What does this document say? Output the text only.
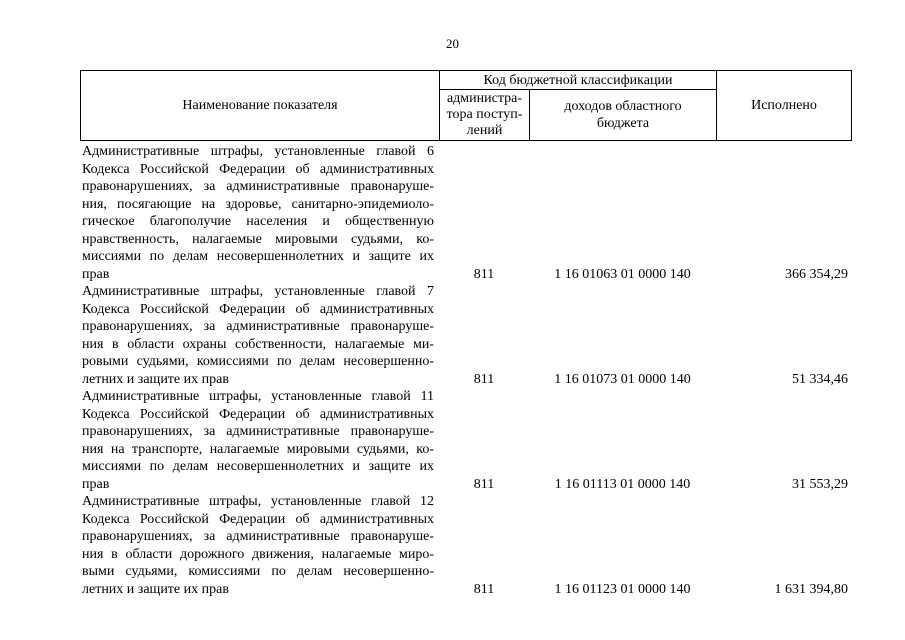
20
Наименование показателя
Код бюджетной классификации
администра-
тора поступ-
лений
доходов областного
бюджета
Исполнено
Административные штрафы, установленные главой 6
Кодекса Российской Федерации об административных
правонарушениях, за административные правонаруше-
ния, посягающие на здоровье, санитарно-эпидемиоло-
гическое благополучие населения и общественную
нравственность, налагаемые мировыми судьями, ко-
миссиями по делам несовершеннолетних и защите их
прав	811	1 16 01063 01 0000 140	366 354,29
Административные штрафы, установленные главой 7
Кодекса Российской Федерации об административных
правонарушениях, за административные правонаруше-
ния в области охраны собственности, налагаемые ми-
ровыми судьями, комиссиями по делам несовершенно-
летних и защите их прав	811	1 16 01073 01 0000 140	51 334,46
Административные штрафы, установленные главой 11
Кодекса Российской Федерации об административных
правонарушениях, за административные правонаруше-
ния на транспорте, налагаемые мировыми судьями, ко-
миссиями по делам несовершеннолетних и защите их
прав	811	1 16 01113 01 0000 140	31 553,29
Административные штрафы, установленные главой 12
Кодекса Российской Федерации об административных
правонарушениях, за административные правонаруше-
ния в области дорожного движения, налагаемые миро-
выми судьями, комиссиями по делам несовершенно-
летних и защите их прав	811	1 16 01123 01 0000 140	1 631 394,80
